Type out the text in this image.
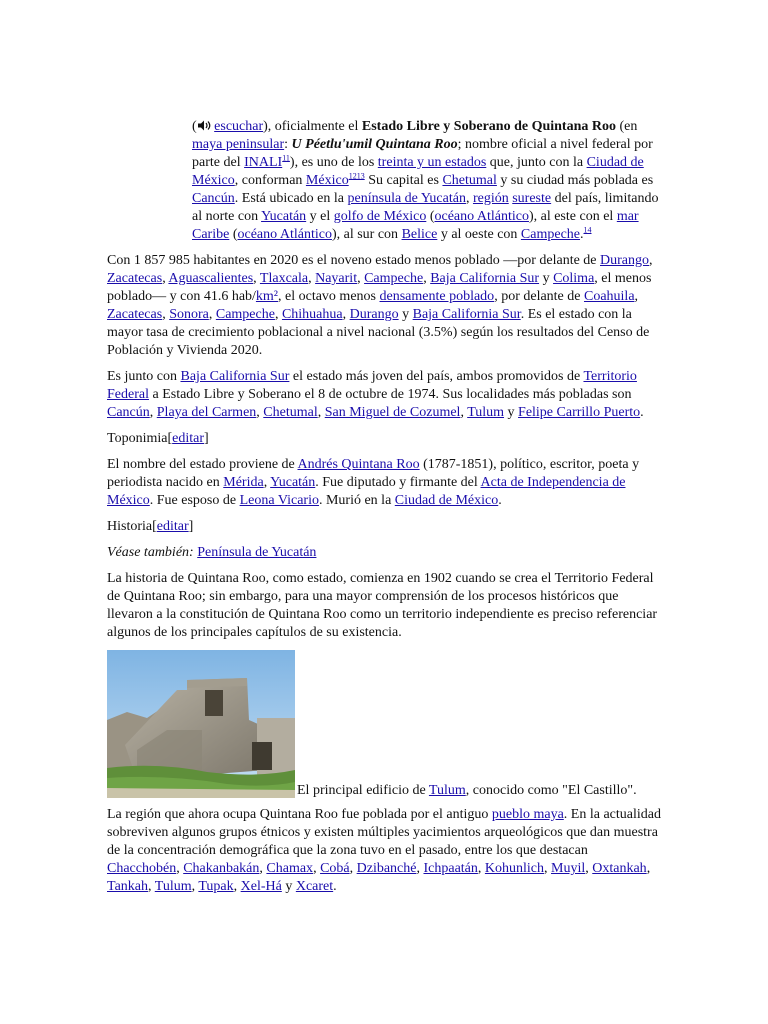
( escuchar), oficialmente el Estado Libre y Soberano de Quintana Roo (en maya peninsular: U Péetlu'umil Quintana Roo; nombre oficial a nivel federal por parte del INALI$^{11}$), es uno de los treinta y un estados que, junto con la Ciudad de México, conforman México$^{1213}$ Su capital es Chetumal y su ciudad más poblada es Cancún. Está ubicado en la península de Yucatán, región sureste del país, limitando al norte con Yucatán y el golfo de México (océano Atlántico), al este con el mar Caribe (océano Atlántico), al sur con Belice y al oeste con Campeche.$^{14}$

Con 1 857 985 habitantes en 2020 es el noveno estado menos poblado —por delante de Durango, Zacatecas, Aguascalientes, Tlaxcala, Nayarit, Campeche, Baja California Sur y Colima, el menos poblado— y con 41.6 hab/km², el octavo menos densamente poblado, por delante de Coahuila, Zacatecas, Sonora, Campeche, Chihuahua, Durango y Baja California Sur. Es el estado con la mayor tasa de crecimiento poblacional a nivel nacional (3.5%) según los resultados del Censo de Población y Vivienda 2020.

Es junto con Baja California Sur el estado más joven del país, ambos promovidos de Territorio Federal a Estado Libre y Soberano el 8 de octubre de 1974. Sus localidades más pobladas son Cancún, Playa del Carmen, Chetumal, San Miguel de Cozumel, Tulum y Felipe Carrillo Puerto.

Toponimia[editar]

El nombre del estado proviene de Andrés Quintana Roo (1787-1851), político, escritor, poeta y periodista nacido en Mérida, Yucatán. Fue diputado y firmante del Acta de Independencia de México. Fue esposo de Leona Vicario. Murió en la Ciudad de México.

Historia[editar]

Véase también: Península de Yucatán

La historia de Quintana Roo, como estado, comienza en 1902 cuando se crea el Territorio Federal de Quintana Roo; sin embargo, para una mayor comprensión de los procesos históricos que llevaron a la constitución de Quintana Roo como un territorio independiente es preciso referenciar algunos de los principales capítulos de su existencia.

El principal edificio de Tulum, conocido como "El Castillo".

La región que ahora ocupa Quintana Roo fue poblada por el antiguo pueblo maya. En la actualidad sobreviven algunos grupos étnicos y existen múltiples yacimientos arqueológicos que dan muestra de la concentración demográfica que la zona tuvo en el pasado, entre los que destacan Chacchobén, Chakanbakán, Chamax, Cobá, Dzibanché, Ichpaatán, Kohunlich, Muyil, Oxtankah, Tankah, Tulum, Tupak, Xel-Há y Xcaret.
